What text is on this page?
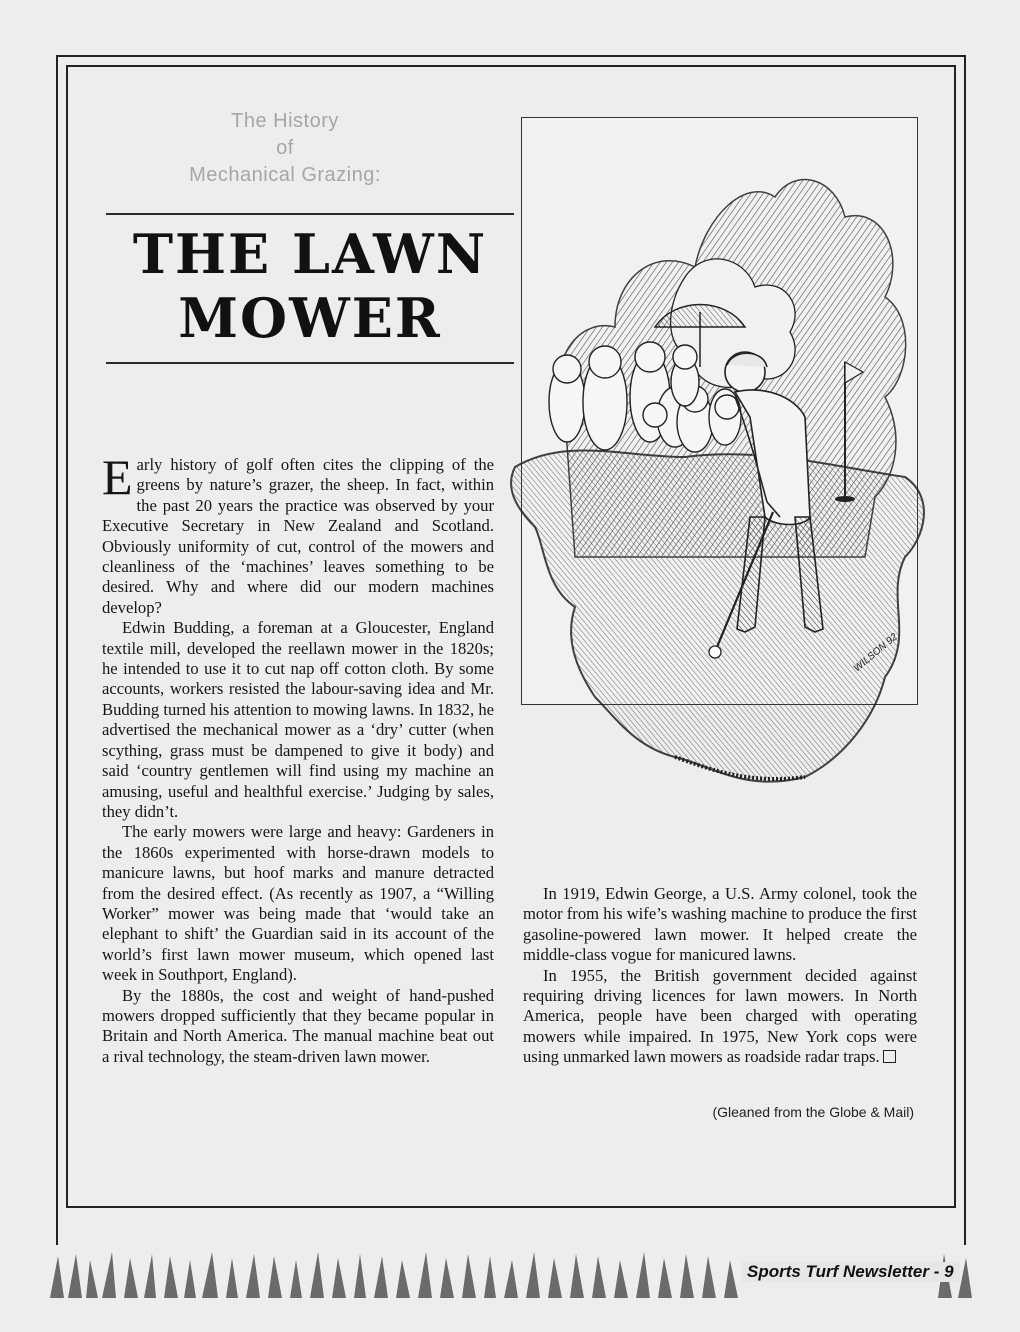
The History
of
Mechanical Grazing:
THE LAWN
MOWER
WILSON 92

Early history of golf often cites the clipping of the greens by nature’s grazer, the sheep. In fact, within the past 20 years the practice was observed by your Executive Secretary in New Zealand and Scotland. Obviously uniformity of cut, control of the mowers and cleanliness of the ‘machines’ leaves something to be desired. Why and where did our modern machines develop?

Edwin Budding, a foreman at a Gloucester, England textile mill, developed the reellawn mower in the 1820s; he intended to use it to cut nap off cotton cloth. By some accounts, workers resisted the labour-saving idea and Mr. Budding turned his attention to mowing lawns. In 1832, he advertised the mechanical mower as a ‘dry’ cutter (when scything, grass must be dampened to give it body) and said ‘country gentlemen will find using my machine an amusing, useful and healthful exercise.’ Judging by sales, they didn’t.

The early mowers were large and heavy: Gardeners in the 1860s experimented with horse-drawn models to manicure lawns, but hoof marks and manure detracted from the desired effect. (As recently as 1907, a “Willing Worker” mower was being made that ‘would take an elephant to shift’ the Guardian said in its account of the world’s first lawn mower museum, which opened last week in Southport, England).

By the 1880s, the cost and weight of hand-pushed mowers dropped sufficiently that they became popular in Britain and North America. The manual machine beat out a rival technology, the steam-driven lawn mower.

In 1919, Edwin George, a U.S. Army colonel, took the motor from his wife’s washing machine to produce the first gasoline-powered lawn mower. It helped create the middle-class vogue for manicured lawns.

In 1955, the British government decided against requiring driving licences for lawn mowers. In North America, people have been charged with operating mowers while impaired. In 1975, New York cops were using unmarked lawn mowers as roadside radar traps.

(Gleaned from the Globe & Mail)
Sports Turf Newsletter - 9
